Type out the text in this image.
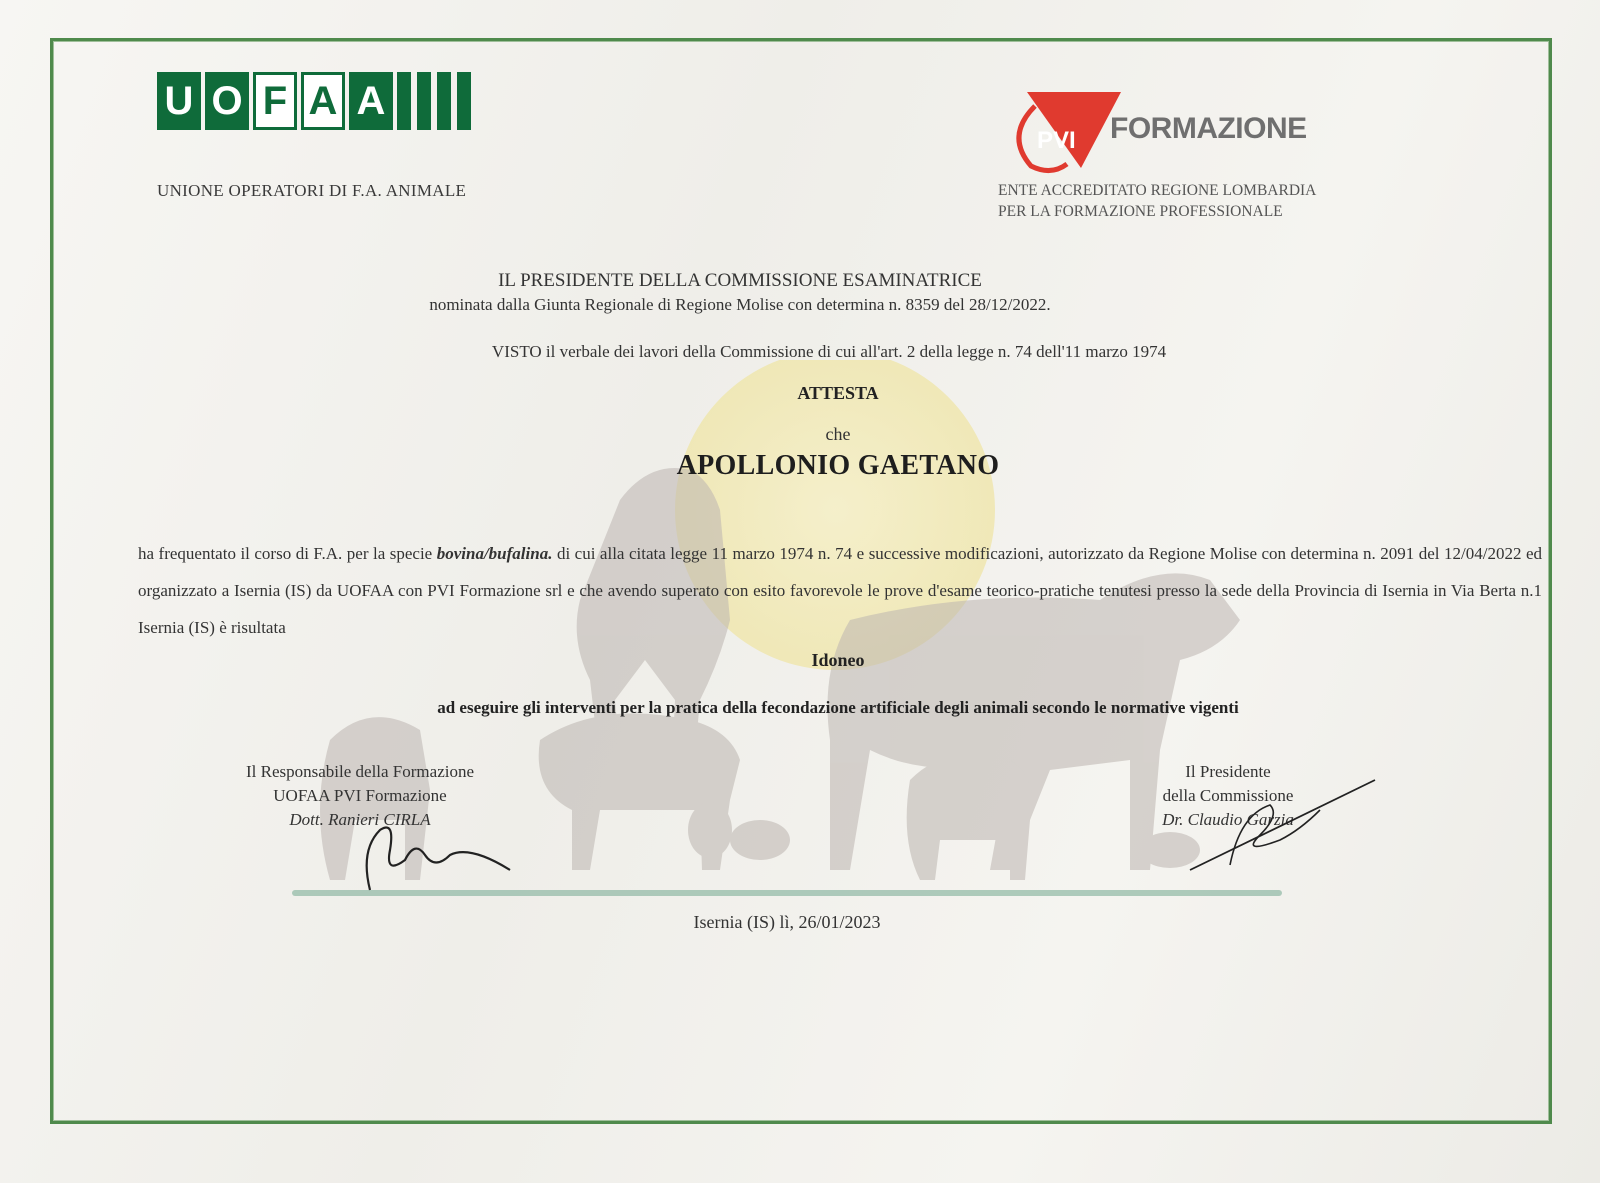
U O F A A
UNIONE OPERATORI DI F.A. ANIMALE
PVI FORMAZIONE
ENTE ACCREDITATO REGIONE LOMBARDIA
PER LA FORMAZIONE PROFESSIONALE
IL PRESIDENTE DELLA COMMISSIONE ESAMINATRICE
nominata dalla Giunta Regionale di Regione Molise con determina n. 8359 del 28/12/2022.
VISTO il verbale dei lavori della Commissione di cui all'art. 2 della legge n. 74 dell'11 marzo 1974
ATTESTA
che
APOLLONIO GAETANO
ha frequentato il corso di F.A. per la specie bovina/bufalina. di cui alla citata legge 11 marzo 1974 n. 74 e successive modificazioni, autorizzato da Regione Molise con determina n. 2091 del 12/04/2022 ed organizzato a Isernia (IS) da UOFAA con PVI Formazione srl e che avendo superato con esito favorevole le prove d'esame teorico-pratiche tenutesi presso la sede della Provincia di Isernia in Via Berta n.1 Isernia (IS) è risultata
Idoneo
ad eseguire gli interventi per la pratica della fecondazione artificiale degli animali secondo le normative vigenti
Il Responsabile della Formazione
UOFAA PVI Formazione
Dott. Ranieri CIRLA
Il Presidente
della Commissione
Dr. Claudio Garzia
Isernia (IS) lì, 26/01/2023
